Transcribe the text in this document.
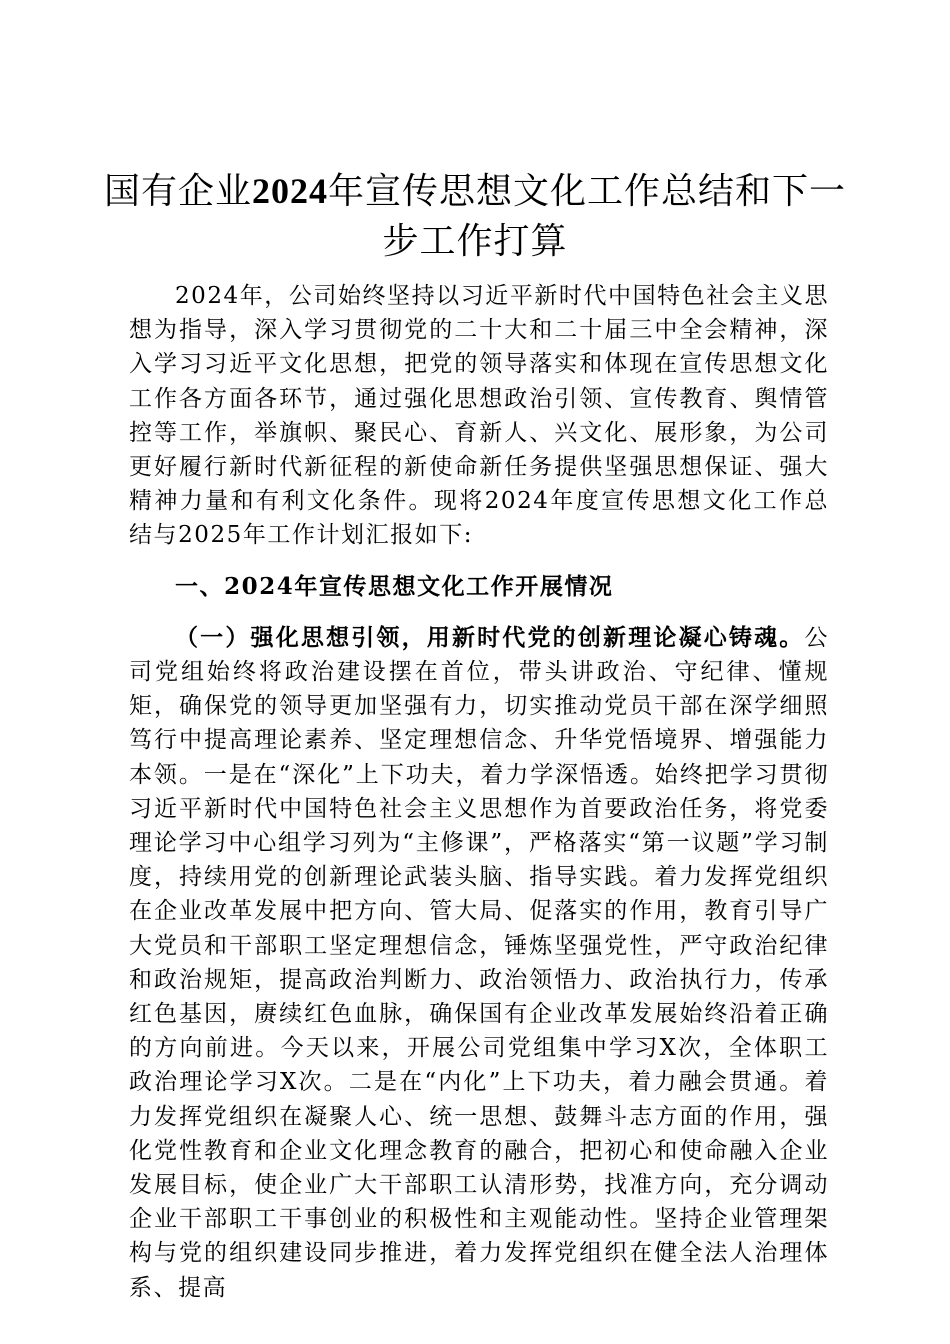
国有企业2024年宣传思想文化工作总结和下一步工作打算

2024年，公司始终坚持以习近平新时代中国特色社会主义思想为指导，深入学习贯彻党的二十大和二十届三中全会精神，深入学习习近平文化思想，把党的领导落实和体现在宣传思想文化工作各方面各环节，通过强化思想政治引领、宣传教育、舆情管控等工作，举旗帜、聚民心、育新人、兴文化、展形象，为公司更好履行新时代新征程的新使命新任务提供坚强思想保证、强大精神力量和有利文化条件。现将2024年度宣传思想文化工作总结与2025年工作计划汇报如下:

一、2024年宣传思想文化工作开展情况

（一）强化思想引领，用新时代党的创新理论凝心铸魂。公司党组始终将政治建设摆在首位，带头讲政治、守纪律、懂规矩，确保党的领导更加坚强有力，切实推动党员干部在深学细照笃行中提高理论素养、坚定理想信念、升华党悟境界、增强能力本领。一是在“深化”上下功夫，着力学深悟透。始终把学习贯彻习近平新时代中国特色社会主义思想作为首要政治任务，将党委理论学习中心组学习列为“主修课”，严格落实“第一议题”学习制度，持续用党的创新理论武装头脑、指导实践。着力发挥党组织在企业改革发展中把方向、管大局、促落实的作用，教育引导广大党员和干部职工坚定理想信念，锤炼坚强党性，严守政治纪律和政治规矩，提高政治判断力、政治领悟力、政治执行力，传承红色基因，赓续红色血脉，确保国有企业改革发展始终沿着正确的方向前进。今天以来，开展公司党组集中学习X次，全体职工政治理论学习X次。二是在“内化”上下功夫，着力融会贯通。着力发挥党组织在凝聚人心、统一思想、鼓舞斗志方面的作用，强化党性教育和企业文化理念教育的融合，把初心和使命融入企业发展目标，使企业广大干部职工认清形势，找准方向，充分调动企业干部职工干事创业的积极性和主观能动性。坚持企业管理架构与党的组织建设同步推进，着力发挥党组织在健全法人治理体系、提高
